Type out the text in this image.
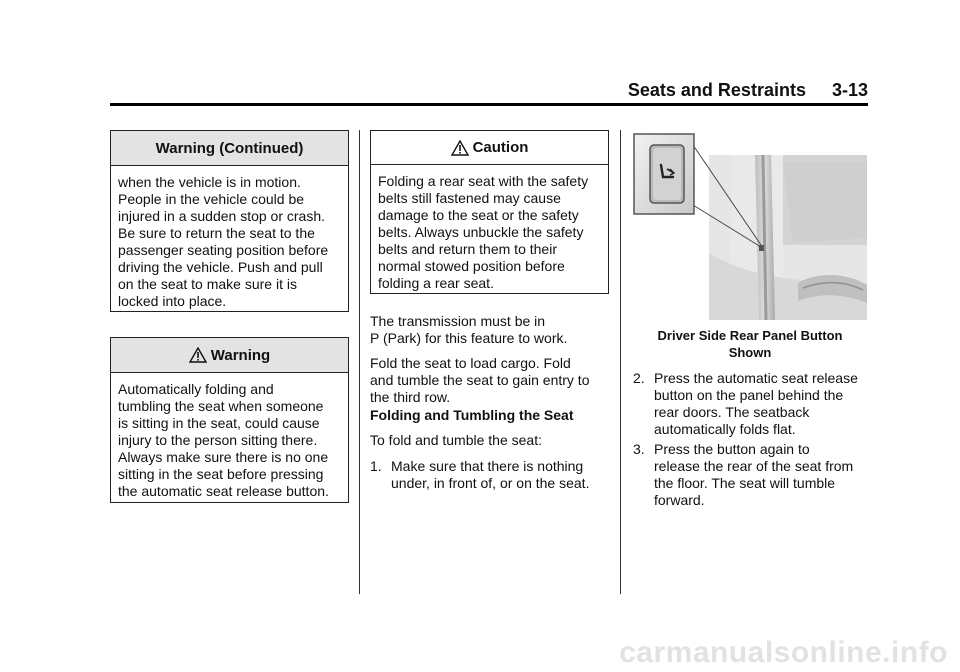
Seats and Restraints 3-13
Warning (Continued)
when the vehicle is in motion.
People in the vehicle could be
injured in a sudden stop or crash.
Be sure to return the seat to the
passenger seating position before
driving the vehicle. Push and pull
on the seat to make sure it is
locked into place.
Warning
Automatically folding and
tumbling the seat when someone
is sitting in the seat, could cause
injury to the person sitting there.
Always make sure there is no one
sitting in the seat before pressing
the automatic seat release button.
Caution
Folding a rear seat with the safety
belts still fastened may cause
damage to the seat or the safety
belts. Always unbuckle the safety
belts and return them to their
normal stowed position before
folding a rear seat.
The transmission must be in
P (Park) for this feature to work.
Fold the seat to load cargo. Fold
and tumble the seat to gain entry to
the third row.
Folding and Tumbling the Seat
To fold and tumble the seat:
1. Make sure that there is nothing
under, in front of, or on the seat.
Driver Side Rear Panel Button
Shown
2. Press the automatic seat release
button on the panel behind the
rear doors. The seatback
automatically folds flat.
3. Press the button again to
release the rear of the seat from
the floor. The seat will tumble
forward.
carmanualsonline.info
